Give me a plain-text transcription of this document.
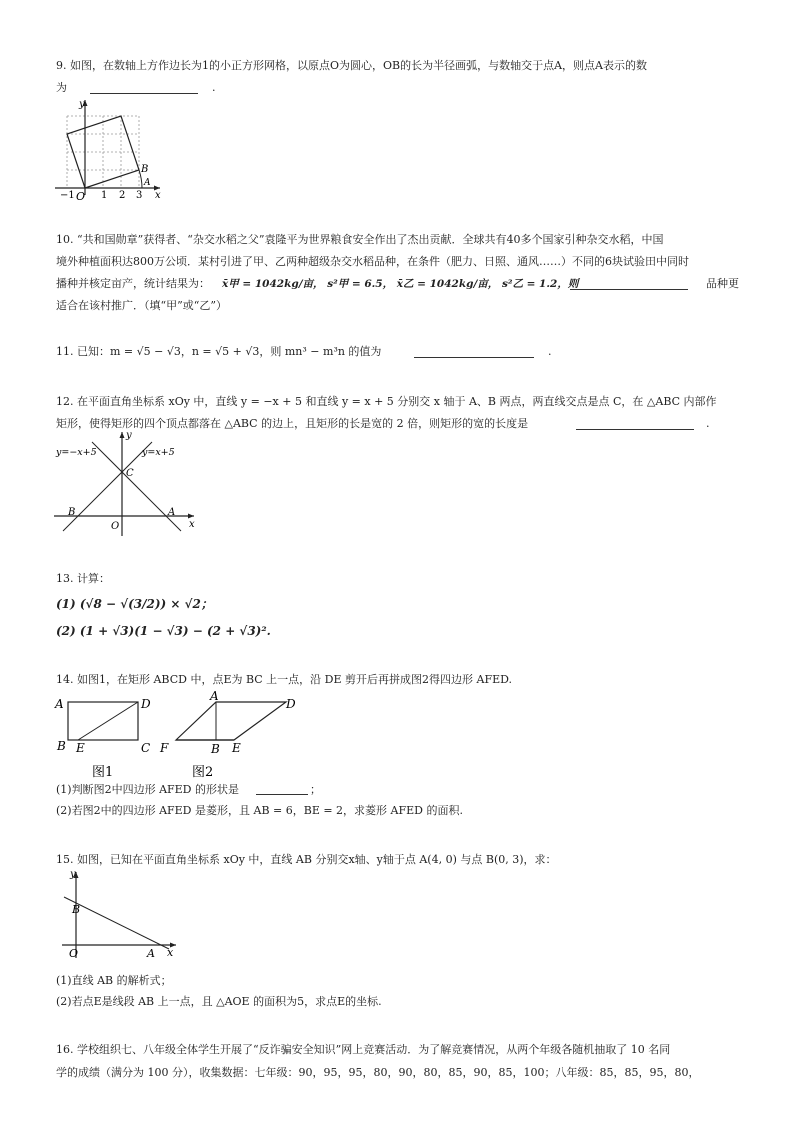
9. 如图，在数轴上方作边长为1的小正方形网格，以原点O为圆心，OB的长为半径画弧，与数轴交于点A，则点A表示的数
为	.
y
x
−1 O 1 2 3
B
A
10. “共和国勋章”获得者、“杂交水稻之父”袁隆平为世界粮食安全作出了杰出贡献．全球共有40多个国家引种杂交水稻，中国
境外种植面积达800万公顷．某村引进了甲、乙两种超级杂交水稻品种，在条件（肥力、日照、通风……）不同的6块试验田中同时
播种并核定亩产，统计结果为： x̄甲 = 1042kg/亩， s²甲 = 6.5， x̄乙 = 1042kg/亩， s²乙 = 1.2，则	品种更
适合在该村推广．（填“甲”或“乙”）
11. 已知：m = √5 − √3，n = √5 + √3，则 mn³ − m³n 的值为	.
12. 在平面直角坐标系 xOy 中，直线 y = −x + 5 和直线 y = x + 5 分别交 x 轴于 A、B 两点，两直线交点是点 C，在 △ABC 内部作
矩形，使得矩形的四个顶点都落在 △ABC 的边上，且矩形的长是宽的 2 倍，则矩形的宽的长度是	.
y
x
O
B	A
C
y=−x+5	y=x+5
13. 计算：
(1) (√8 − √(3/2)) × √2；
(2) (1 + √3)(1 − √3) − (2 + √3)².
14. 如图1，在矩形 ABCD 中，点E为 BC 上一点，沿 DE 剪开后再拼成图2得四边形 AFED.
A	D
B E	C
图1
A
D
F	B E
图2
(1)判断图2中四边形 AFED 的形状是	；
(2)若图2中的四边形 AFED 是菱形，且 AB = 6，BE = 2，求菱形 AFED 的面积.
15. 如图，已知在平面直角坐标系 xOy 中，直线 AB 分别交x轴、y轴于点 A(4, 0) 与点 B(0, 3)，求：
y
x
O
B
A
(1)直线 AB 的解析式；
(2)若点E是线段 AB 上一点，且 △AOE 的面积为5，求点E的坐标.
16. 学校组织七、八年级全体学生开展了“反诈骗安全知识”网上竞赛活动．为了解竞赛情况，从两个年级各随机抽取了 10 名同
学的成绩（满分为 100 分），收集数据：七年级：90，95，95，80，90，80，85，90，85，100；八年级：85，85，95，80，
